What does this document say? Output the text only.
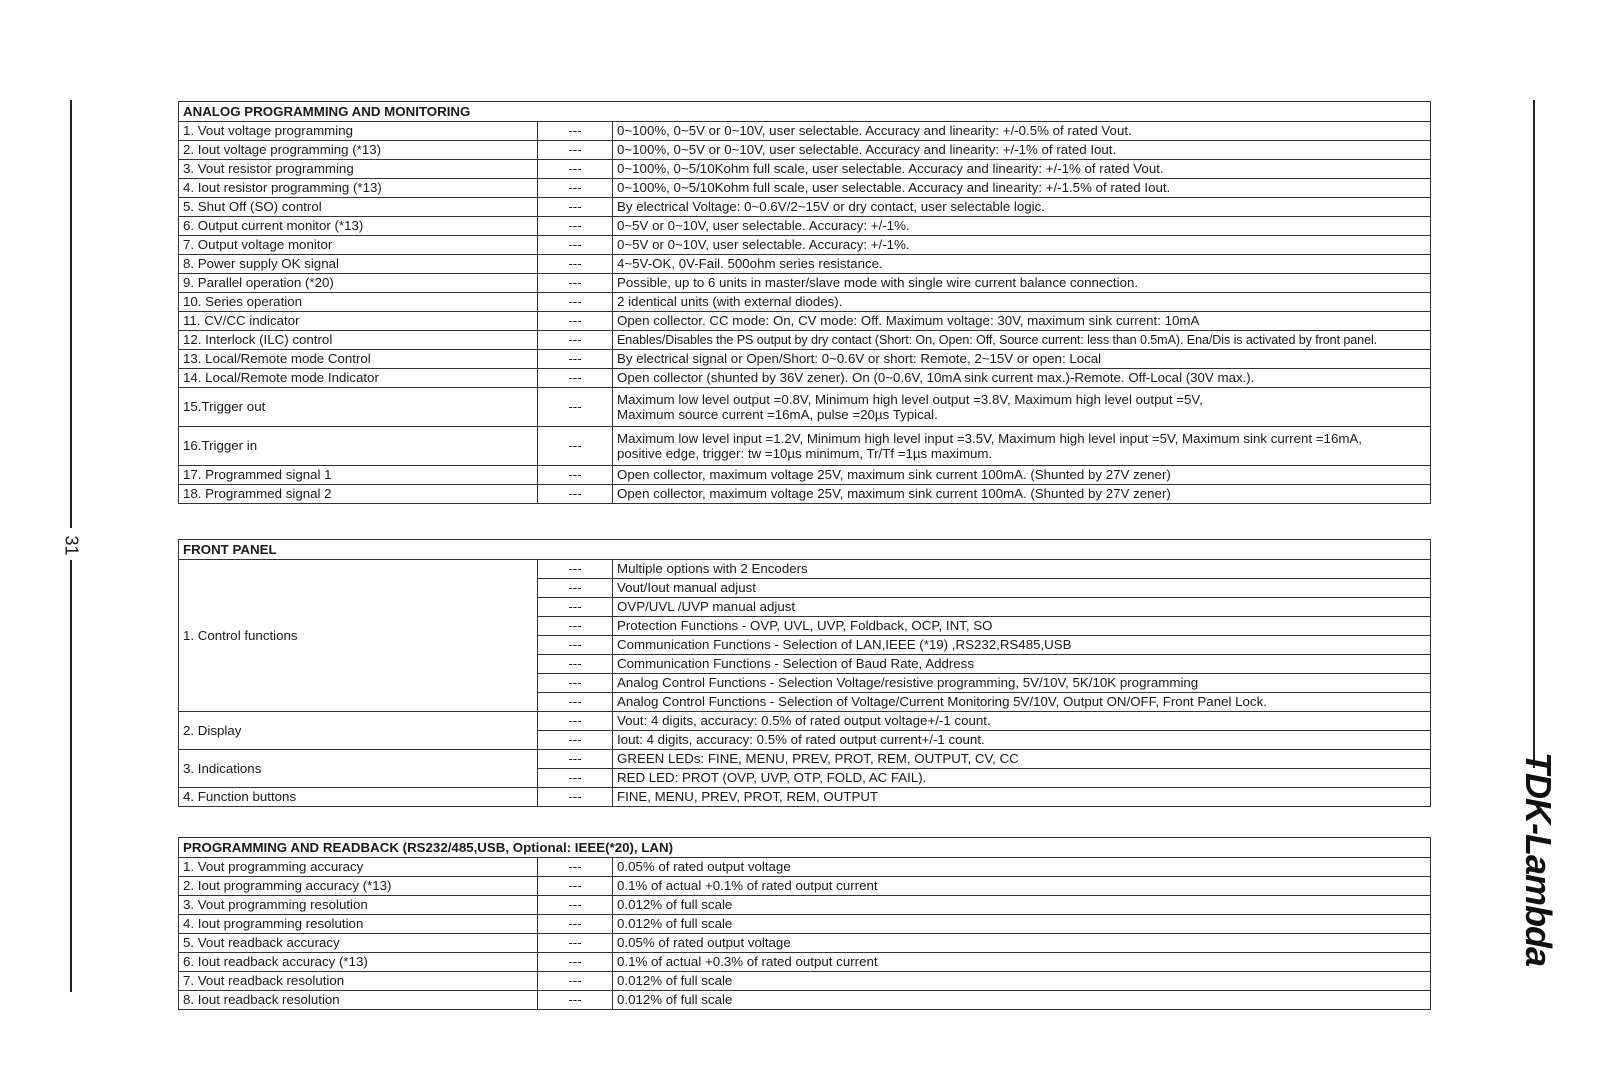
31
TDK-Lambda
ANALOG PROGRAMMING AND MONITORING		
1. Vout voltage programming	---	0~100%, 0~5V or 0~10V, user selectable. Accuracy and linearity: +/-0.5% of rated Vout.
2. Iout voltage programming (*13)	---	0~100%, 0~5V or 0~10V, user selectable. Accuracy and linearity: +/-1% of rated Iout.
3. Vout resistor programming	---	0~100%, 0~5/10Kohm full scale, user selectable. Accuracy and linearity: +/-1% of rated Vout.
4. Iout resistor programming (*13)	---	0~100%, 0~5/10Kohm full scale, user selectable. Accuracy and linearity: +/-1.5% of rated Iout.
5. Shut Off (SO) control	---	By electrical Voltage: 0~0.6V/2~15V or dry contact, user selectable logic.
6. Output current monitor (*13)	---	0~5V or 0~10V, user selectable. Accuracy: +/-1%.
7. Output voltage monitor	---	0~5V or 0~10V, user selectable. Accuracy: +/-1%.
8. Power supply OK signal	---	4~5V-OK, 0V-Fail. 500ohm series resistance.
9. Parallel operation (*20)	---	Possible, up to 6 units in master/slave mode with single wire current balance connection.
10. Series operation	---	2 identical units (with external diodes).
11. CV/CC indicator	---	Open collector. CC mode: On, CV mode: Off. Maximum voltage: 30V, maximum sink current: 10mA
12. Interlock (ILC) control	---	Enables/Disables the PS output by dry contact (Short: On, Open: Off, Source current: less than 0.5mA). Ena/Dis is activated by front panel.
13. Local/Remote mode Control	---	By electrical signal or Open/Short: 0~0.6V or short: Remote, 2~15V or open: Local
14. Local/Remote mode Indicator	---	Open collector (shunted by 36V zener). On (0~0.6V, 10mA sink current max.)-Remote. Off-Local (30V max.).
15.Trigger out	---	Maximum low level output =0.8V, Minimum high level output =3.8V, Maximum high level output =5V,
Maximum source current =16mA, pulse =20µs Typical.

16.Trigger in	---	Maximum low level input =1.2V, Minimum high level input =3.5V, Maximum high level input =5V, Maximum sink current =16mA,
positive edge, trigger: tw =10µs minimum, Tr/Tf =1µs maximum.

17. Programmed signal 1	---	Open collector, maximum voltage 25V, maximum sink current 100mA. (Shunted by 27V zener)
18. Programmed signal 2	---	Open collector, maximum voltage 25V, maximum sink current 100mA. (Shunted by 27V zener)
FRONT PANEL		
1. Control functions	---	Multiple options with 2 Encoders
	---	Vout/Iout manual adjust
	---	OVP/UVL /UVP manual adjust
	---	Protection Functions - OVP, UVL, UVP, Foldback, OCP, INT, SO
	---	Communication Functions - Selection of LAN,IEEE (*19) ,RS232,RS485,USB
	---	Communication Functions - Selection of Baud Rate, Address
	---	Analog Control Functions - Selection Voltage/resistive programming, 5V/10V, 5K/10K programming
	---	Analog Control Functions - Selection of Voltage/Current Monitoring 5V/10V, Output ON/OFF, Front Panel Lock.
2. Display	---	Vout: 4 digits, accuracy: 0.5% of rated output voltage+/-1 count.
	---	Iout: 4 digits, accuracy: 0.5% of rated output current+/-1 count.
3. Indications	---	GREEN LEDs: FINE, MENU, PREV, PROT, REM, OUTPUT, CV, CC
	---	RED LED: PROT (OVP, UVP, OTP, FOLD, AC FAIL).
4. Function buttons	---	FINE, MENU, PREV, PROT, REM, OUTPUT
PROGRAMMING AND READBACK (RS232/485,USB, Optional: IEEE(*20), LAN)		
1. Vout programming accuracy	---	0.05% of rated output voltage
2. Iout programming accuracy (*13)	---	0.1% of actual +0.1% of rated output current
3. Vout programming resolution	---	0.012% of full scale
4. Iout programming resolution	---	0.012% of full scale
5. Vout readback accuracy	---	0.05% of rated output voltage
6. Iout readback accuracy (*13)	---	0.1% of actual +0.3% of rated output current
7. Vout readback resolution	---	0.012% of full scale
8. Iout readback resolution	---	0.012% of full scale
